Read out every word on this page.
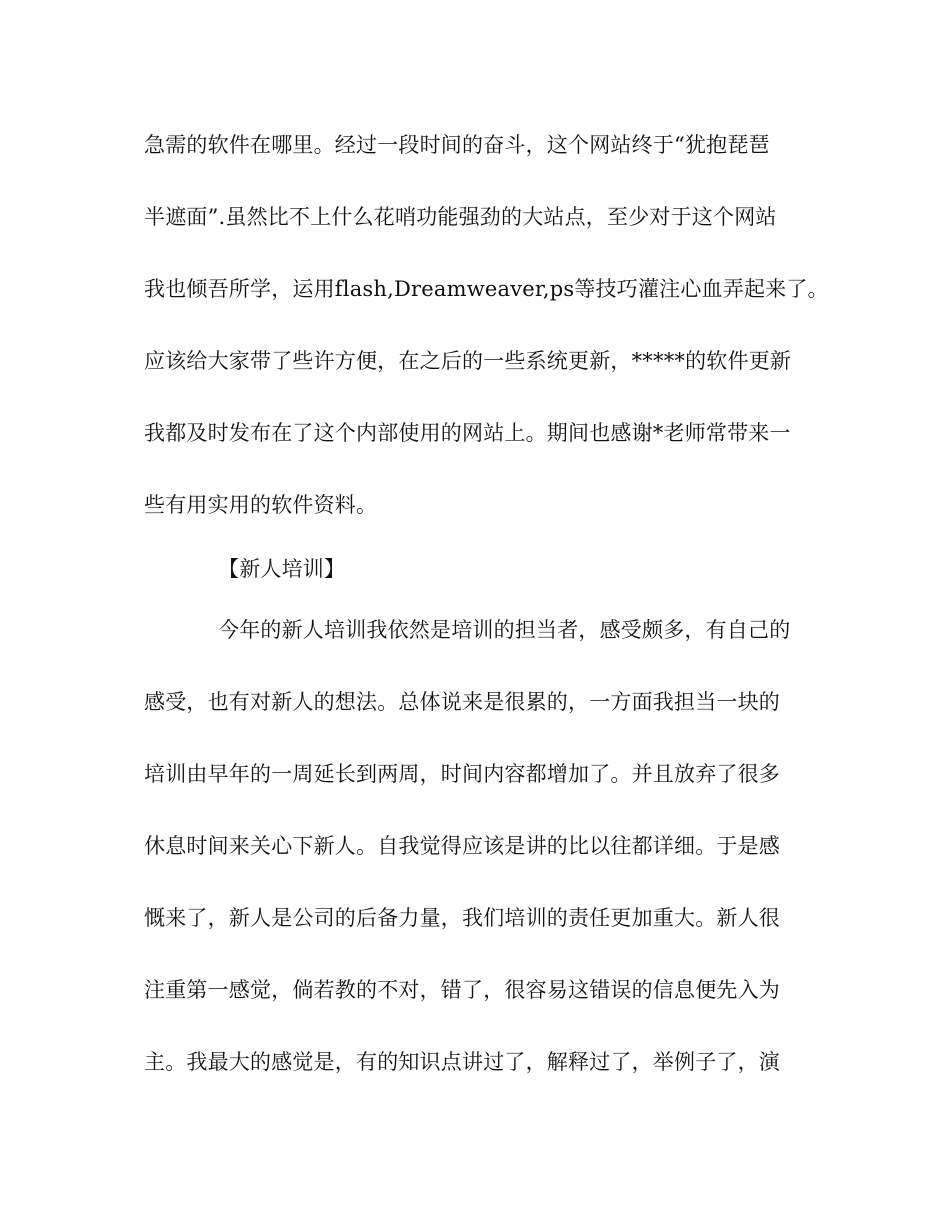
急需的软件在哪里。经过一段时间的奋斗，这个网站终于“犹抱琵琶
半遮面”.虽然比不上什么花哨功能强劲的大站点，至少对于这个网站
我也倾吾所学，运用flash,Dreamweaver,ps等技巧灌注心血弄起来了。
应该给大家带了些许方便，在之后的一些系统更新，*****的软件更新
我都及时发布在了这个内部使用的网站上。期间也感谢*老师常带来一
些有用实用的软件资料。
【新人培训】
今年的新人培训我依然是培训的担当者，感受颇多，有自己的
感受，也有对新人的想法。总体说来是很累的，一方面我担当一块的
培训由早年的一周延长到两周，时间内容都增加了。并且放弃了很多
休息时间来关心下新人。自我觉得应该是讲的比以往都详细。于是感
慨来了，新人是公司的后备力量，我们培训的责任更加重大。新人很
注重第一感觉，倘若教的不对，错了，很容易这错误的信息便先入为
主。我最大的感觉是，有的知识点讲过了，解释过了，举例子了，演
